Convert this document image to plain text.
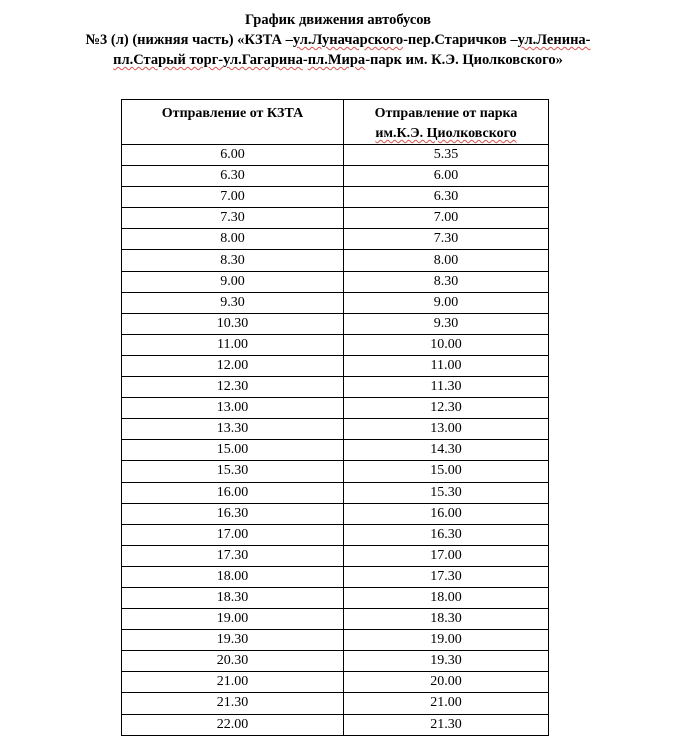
График движения автобусов
№3 (л) (нижняя часть) «КЗТА –ул.Луначарского-пер.Старичков –ул.Ленина-
пл.Старый торг-ул.Гагарина-пл.Мира-парк им. К.Э. Циолковского»
Отправление от КЗТА	Отправление от парка
им.К.Э. Циолковского
6.00	5.35
6.30	6.00
7.00	6.30
7.30	7.00
8.00	7.30
8.30	8.00
9.00	8.30
9.30	9.00
10.30	9.30
11.00	10.00
12.00	11.00
12.30	11.30
13.00	12.30
13.30	13.00
15.00	14.30
15.30	15.00
16.00	15.30
16.30	16.00
17.00	16.30
17.30	17.00
18.00	17.30
18.30	18.00
19.00	18.30
19.30	19.00
20.30	19.30
21.00	20.00
21.30	21.00
22.00	21.30
